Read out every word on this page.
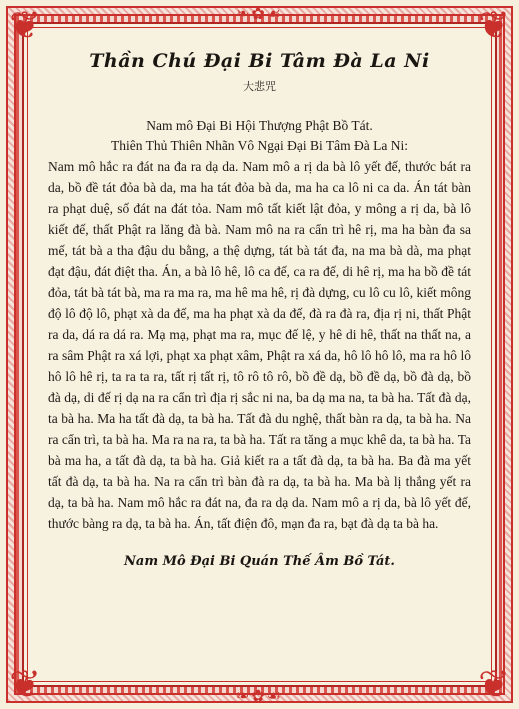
❦	❦
❦	❦
❧✿☙
❧✿☙
Thần Chú Đại Bi Tâm Đà La Ni
大悲咒
Nam mô Đại Bi Hội Thượng Phật Bồ Tát.
Thiên Thủ Thiên Nhãn Vô Ngại Đại Bi Tâm Đà La Ni:
Nam mô hắc ra đát na đa ra dạ da. Nam mô a rị da bà lô yết đế, thước bát ra da, bồ đề tát đỏa bà da, ma ha tát đỏa bà da, ma ha ca lô ni ca da. Án tát bàn ra phạt duệ, số đát na đát tỏa. Nam mô tất kiết lật đỏa, y mông a rị da, bà lô kiết đế, thất Phật ra lăng đà bà. Nam mô na ra cẩn trì hê rị, ma ha bàn đa sa mế, tát bà a tha đậu du bằng, a thệ dựng, tát bà tát đa, na ma bà dà, ma phạt đạt đậu, đát điệt tha. Án, a bà lô hê, lô ca đế, ca ra đế, di hê rị, ma ha bồ đề tát đỏa, tát bà tát bà, ma ra ma ra, ma hê ma hê, rị đà dựng, cu lô cu lô, kiết mông độ lô độ lô, phạt xà da đế, ma ha phạt xà da đế, đà ra đà ra, địa rị ni, thất Phật ra da, dá ra dá ra. Mạ mạ, phạt ma ra, mục đế lệ, y hê di hê, thất na thất na, a ra sâm Phật ra xá lợi, phạt xa phạt xâm, Phật ra xá da, hô lô hô lô, ma ra hô lô hô lô hê rị, ta ra ta ra, tất rị tất rị, tô rô tô rô, bồ đề dạ, bồ đề dạ, bồ đà dạ, bồ đà dạ, di đế rị dạ na ra cẩn trì địa rị sắc ni na, ba dạ ma na, ta bà ha. Tất đà dạ, ta bà ha. Ma ha tất đà dạ, ta bà ha. Tất đà du nghệ, thất bàn ra dạ, ta bà ha. Na ra cẩn trì, ta bà ha. Ma ra na ra, ta bà ha. Tất ra tăng a mục khê da, ta bà ha. Ta bà ma ha, a tất đà dạ, ta bà ha. Giả kiết ra a tất đà dạ, ta bà ha. Ba đà ma yết tất đà dạ, ta bà ha. Na ra cẩn trì bàn đà ra dạ, ta bà ha. Ma bà lị thắng yết ra dạ, ta bà ha. Nam mô hắc ra đát na, đa ra dạ da. Nam mô a rị da, bà lô yết đế, thước bàng ra dạ, ta bà ha. Án, tất điện đô, mạn đa ra, bạt đà dạ ta bà ha.
Nam Mô Đại Bi Quán Thế Âm Bồ Tát.
